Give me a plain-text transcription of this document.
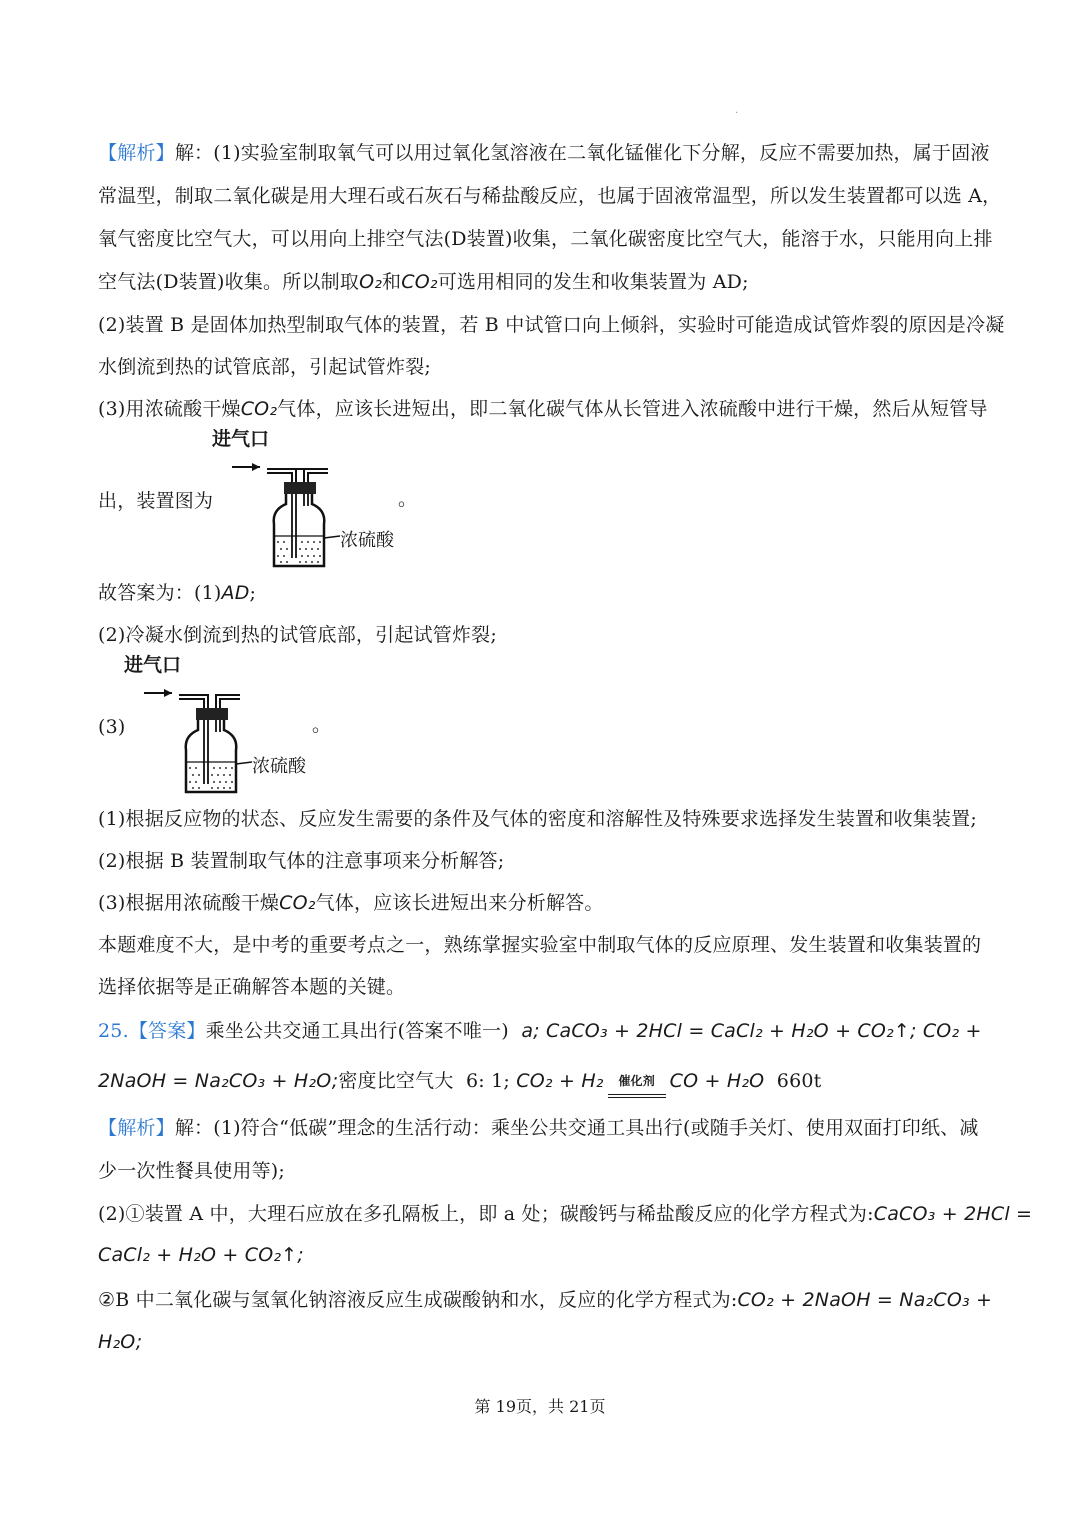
·
【解析】解：(1)实验室制取氧气可以用过氧化氢溶液在二氧化锰催化下分解，反应不需要加热，属于固液
常温型，制取二氧化碳是用大理石或石灰石与稀盐酸反应，也属于固液常温型，所以发生装置都可以选 A，
氧气密度比空气大，可以用向上排空气法(D装置)收集，二氧化碳密度比空气大，能溶于水，只能用向上排
空气法(D装置)收集。所以制取O₂和CO₂可选用相同的发生和收集装置为 AD;
(2)装置 B 是固体加热型制取气体的装置，若 B 中试管口向上倾斜，实验时可能造成试管炸裂的原因是冷凝
水倒流到热的试管底部，引起试管炸裂;
(3)用浓硫酸干燥CO₂气体，应该长进短出，即二氧化碳气体从长管进入浓硫酸中进行干燥，然后从短管导
出，装置图为	。
进气口
浓硫酸
故答案为：(1)AD;
(2)冷凝水倒流到热的试管底部，引起试管炸裂;
(3)	。
进气口
浓硫酸
(1)根据反应物的状态、反应发生需要的条件及气体的密度和溶解性及特殊要求选择发生装置和收集装置;
(2)根据 B 装置制取气体的注意事项来分析解答;
(3)根据用浓硫酸干燥CO₂气体，应该长进短出来分析解答。
本题难度不大，是中考的重要考点之一，熟练掌握实验室中制取气体的反应原理、发生装置和收集装置的
选择依据等是正确解答本题的关键。
25.【答案】乘坐公共交通工具出行(答案不唯一) a; CaCO₃ + 2HCl = CaCl₂ + H₂O + CO₂↑; CO₂ +
2NaOH = Na₂CO₃ + H₂O;密度比空气大 6: 1; CO₂ + H₂ 催化剂 CO + H₂O 660t
【解析】解：(1)符合“低碳”理念的生活行动：乘坐公共交通工具出行(或随手关灯、使用双面打印纸、减
少一次性餐具使用等);
(2)①装置 A 中，大理石应放在多孔隔板上，即 a 处；碳酸钙与稀盐酸反应的化学方程式为:CaCO₃ + 2HCl =
CaCl₂ + H₂O + CO₂↑;
②B 中二氧化碳与氢氧化钠溶液反应生成碳酸钠和水，反应的化学方程式为:CO₂ + 2NaOH = Na₂CO₃ +
H₂O;
第 19页，共 21页
